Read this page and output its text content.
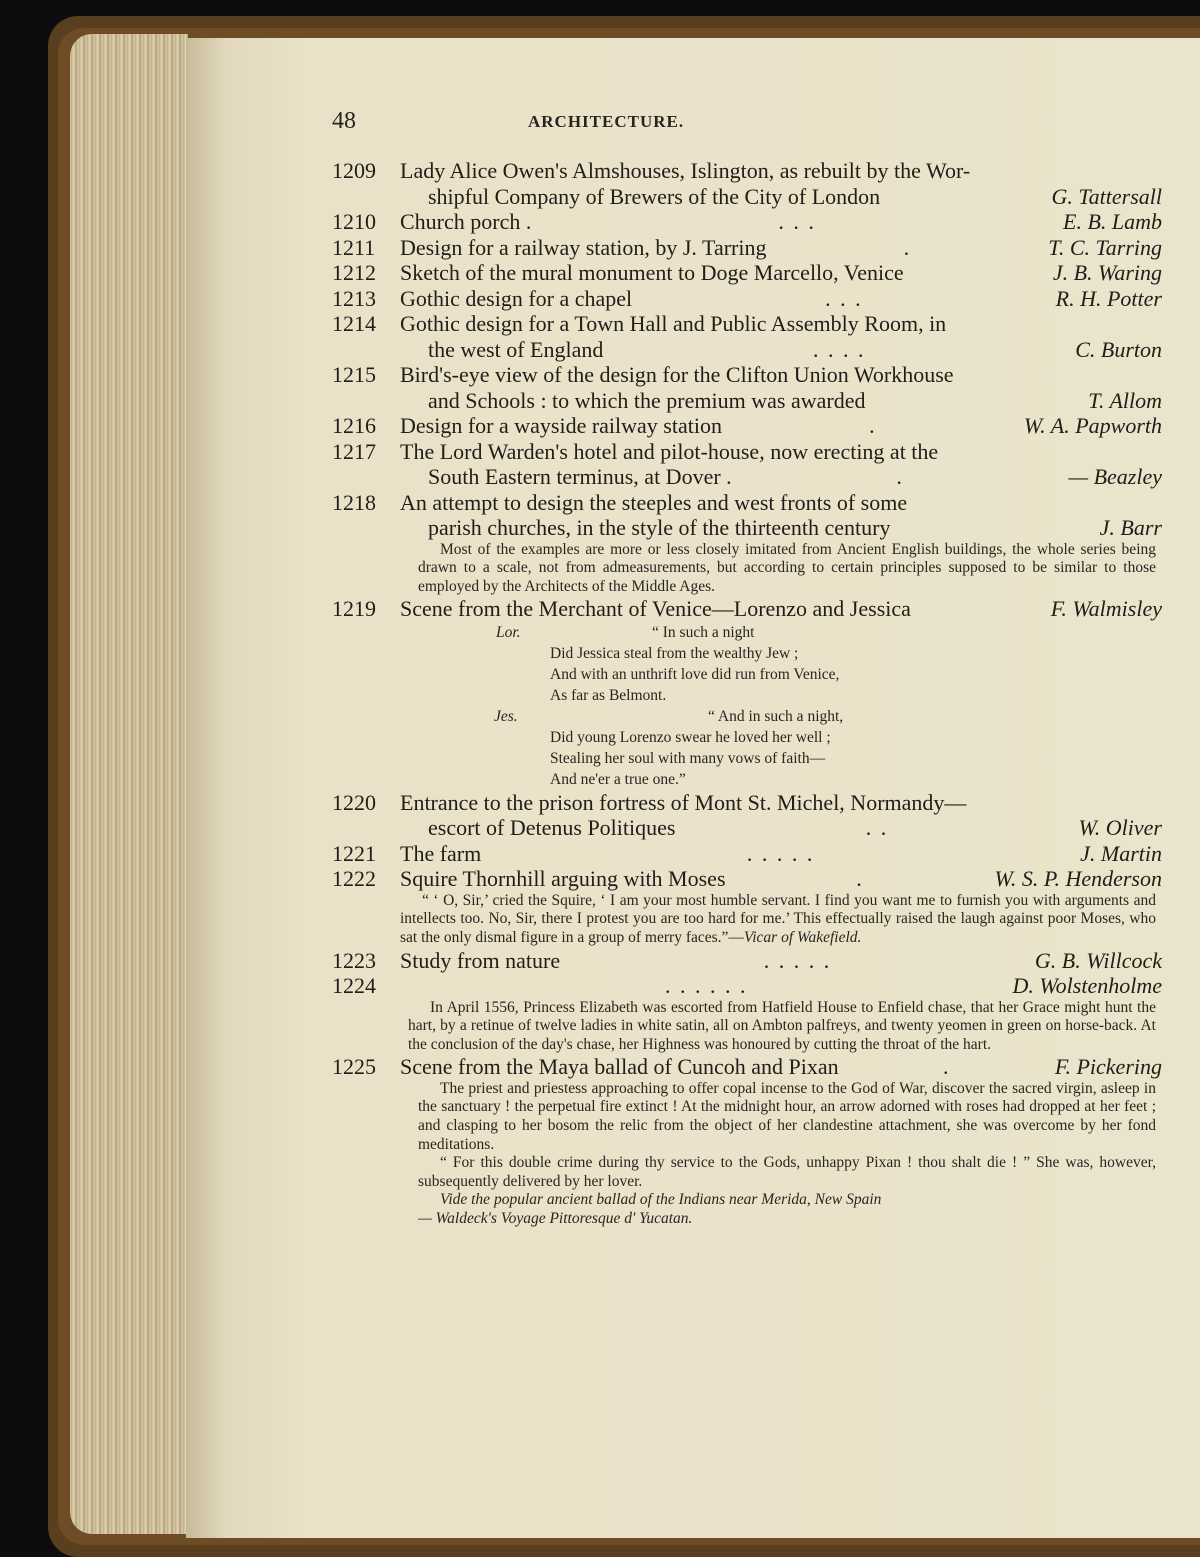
48	ARCHITECTURE.
1209	Lady Alice Owen's Almshouses, Islington, as rebuilt by the Wor-
shipful Company of Brewers of the City of London	G. Tattersall
1210	Church porch .	. . .	E. B. Lamb
1211	Design for a railway station, by J. Tarring	.	T. C. Tarring
1212	Sketch of the mural monument to Doge Marcello, Venice	J. B. Waring
1213	Gothic design for a chapel	. . .	R. H. Potter
1214	Gothic design for a Town Hall and Public Assembly Room, in
the west of England	. . . .	C. Burton
1215	Bird's-eye view of the design for the Clifton Union Workhouse
and Schools : to which the premium was awarded	T. Allom
1216	Design for a wayside railway station	.	W. A. Papworth
1217	The Lord Warden's hotel and pilot-house, now erecting at the
South Eastern terminus, at Dover .	.	— Beazley
1218	An attempt to design the steeples and west fronts of some
parish churches, in the style of the thirteenth century	J. Barr

Most of the examples are more or less closely imitated from Ancient English buildings, the whole series being drawn to a scale, not from admeasurements, but according to certain principles supposed to be similar to those employed by the Architects of the Middle Ages.

1219	Scene from the Merchant of Venice—Lorenzo and Jessica	F. Walmisley
Lor.	“ In such a night
Did Jessica steal from the wealthy Jew ;
And with an unthrift love did run from Venice,
As far as Belmont.
Jes.	“ And in such a night,
Did young Lorenzo swear he loved her well ;
Stealing her soul with many vows of faith—
And ne'er a true one.”
1220	Entrance to the prison fortress of Mont St. Michel, Normandy—
escort of Detenus Politiques	. .	W. Oliver
1221	The farm	. . . . .	J. Martin
1222	Squire Thornhill arguing with Moses	.	W. S. P. Henderson

“ ‘ O, Sir,’ cried the Squire, ‘ I am your most humble servant. I find you want me to furnish you with arguments and intellects too. No, Sir, there I protest you are too hard for me.’ This effectually raised the laugh against poor Moses, who sat the only dismal figure in a group of merry faces.”—Vicar of Wakefield.

1223	Study from nature	. . . . .	G. B. Willcock
1224	. . . . . .	D. Wolstenholme

In April 1556, Princess Elizabeth was escorted from Hatfield House to Enfield chase, that her Grace might hunt the hart, by a retinue of twelve ladies in white satin, all on Ambton palfreys, and twenty yeomen in green on horse-back. At the conclusion of the day's chase, her Highness was honoured by cutting the throat of the hart.

1225	Scene from the Maya ballad of Cuncoh and Pixan	.	F. Pickering

The priest and priestess approaching to offer copal incense to the God of War, discover the sacred virgin, asleep in the sanctuary ! the perpetual fire extinct ! At the midnight hour, an arrow adorned with roses had dropped at her feet ; and clasping to her bosom the relic from the object of her clandestine attachment, she was overcome by her fond meditations.

“ For this double crime during thy service to the Gods, unhappy Pixan ! thou shalt die ! ” She was, however, subsequently delivered by her lover.

Vide the popular ancient ballad of the Indians near Merida, New Spain

— Waldeck's Voyage Pittoresque d' Yucatan.
